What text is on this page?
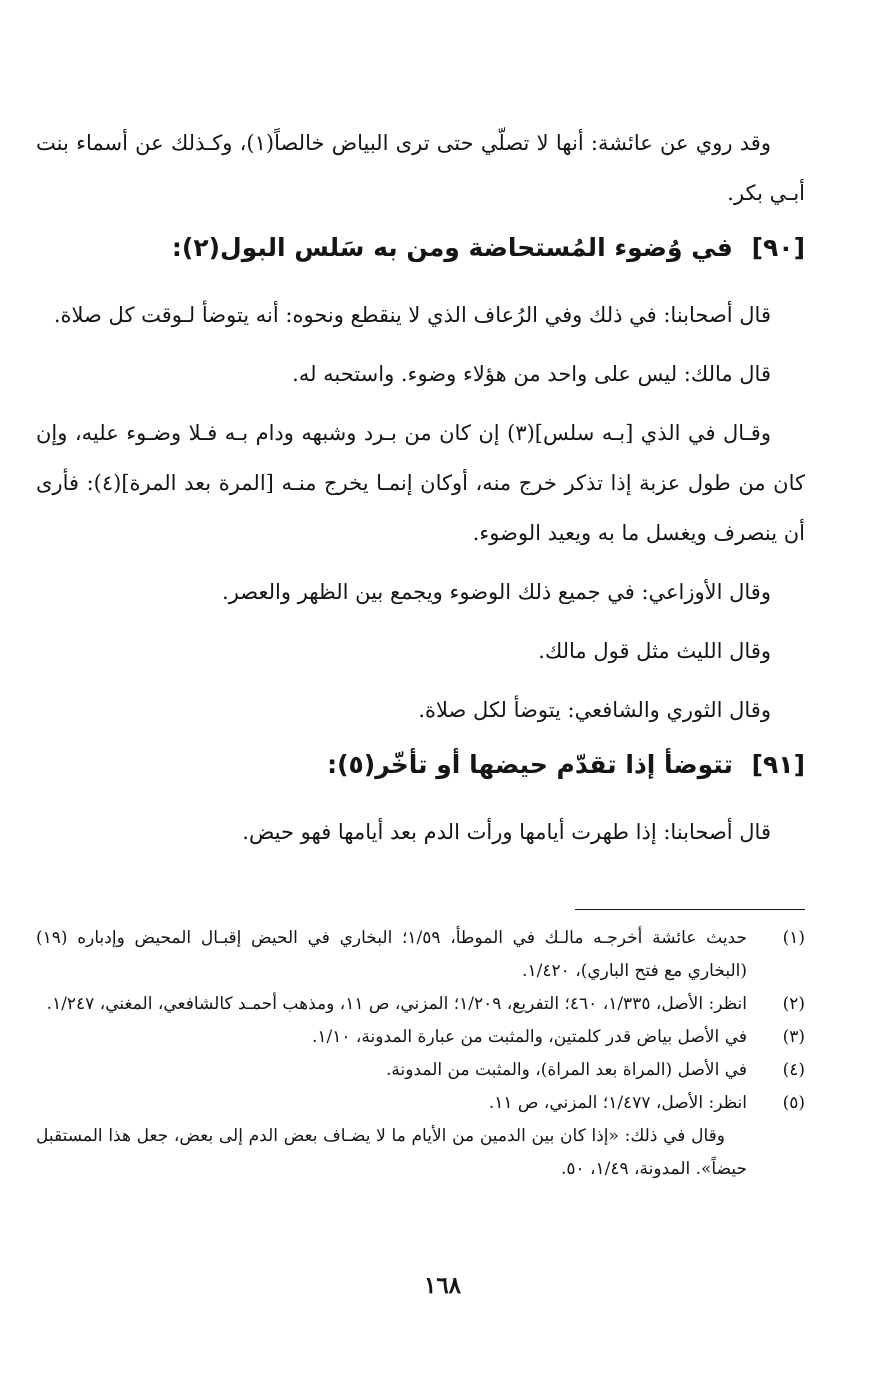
وقد روي عن عائشة: أنها لا تصلّي حتى ترى البياض خالصاً(١)، وكـذلك عن أسماء بنت أبـي بكر.

[٩٠] في وُضوء المُستحاضة ومن به سَلس البول(٢):

قال أصحابنا: في ذلك وفي الرُعاف الذي لا ينقطع ونحوه: أنه يتوضأ لـوقت كل صلاة.

قال مالك: ليس على واحد من هؤلاء وضوء. واستحبه له.

وقـال في الذي [بـه سلس](٣) إن كان من بـرد وشبهه ودام بـه فـلا وضـوء عليه، وإن كان من طول عزبة إذا تذكر خرج منه، أوكان إنمـا يخرج منـه [المرة بعد المرة](٤): فأرى أن ينصرف ويغسل ما به ويعيد الوضوء.

وقال الأوزاعي: في جميع ذلك الوضوء ويجمع بين الظهر والعصر.

وقال الليث مثل قول مالك.

وقال الثوري والشافعي: يتوضأ لكل صلاة.

[٩١] تتوضأ إذا تقدّم حيضها أو تأخّر(٥):

قال أصحابنا: إذا طهرت أيامها ورأت الدم بعد أيامها فهو حيض.

(١)
حديث عائشة أخرجـه مالـك في الموطأ، ١/٥٩؛ البخاري في الحيض إقبـال المحيض وإدباره (١٩) (البخاري مع فتح الباري)، ١/٤٢٠.

(٢)
انظر: الأصل، ١/٣٣٥، ٤٦٠؛ التفريع، ١/٢٠٩؛ المزني، ص ١١، ومذهب أحمـد كالشافعي، المغني، ١/٢٤٧.

(٣)
في الأصل بياض قدر كلمتين، والمثبت من عبارة المدونة، ١/١٠.

(٤)
في الأصل (المراة بعد المراة)، والمثبت من المدونة.

(٥)
انظر: الأصل، ١/٤٧٧؛ المزني، ص ١١.

وقال في ذلك: «إذا كان بين الدمين من الأيام ما لا يضـاف بعض الدم إلى بعض، جعل هذا المستقبل حيضاً». المدونة، ١/٤٩، ٥٠.

١٦٨
